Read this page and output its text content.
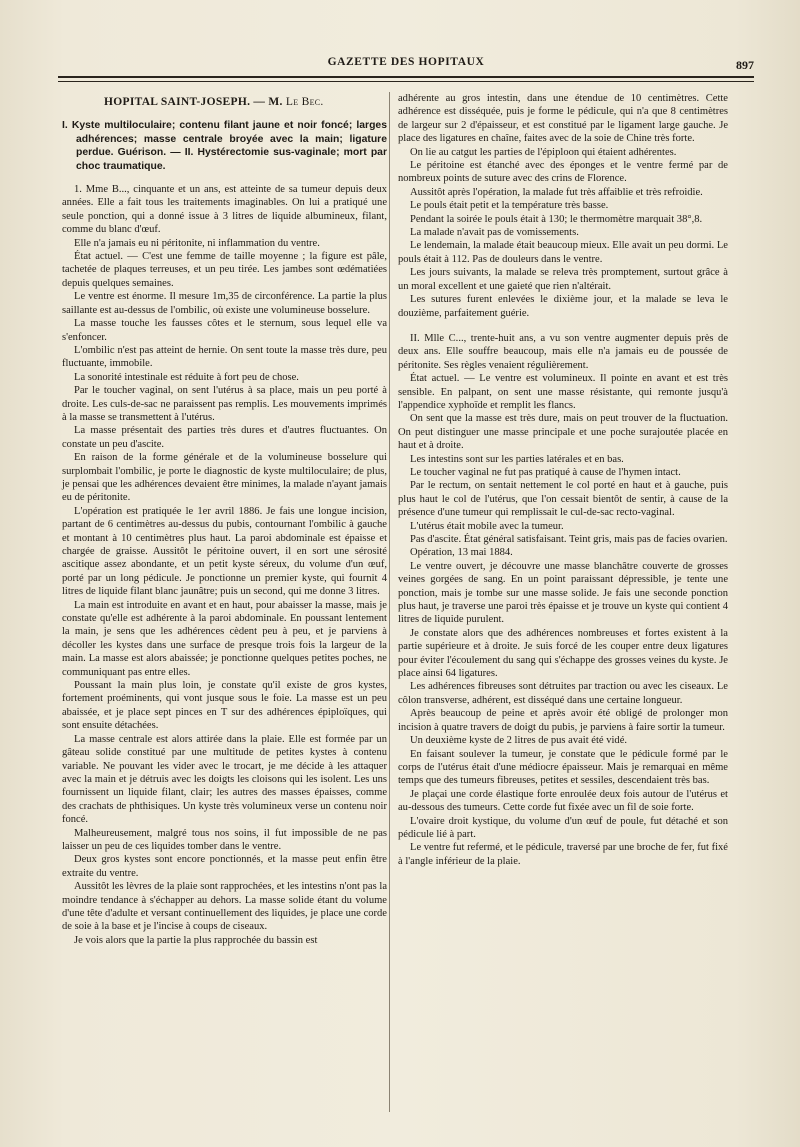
GAZETTE DES HOPITAUX	897
HOPITAL SAINT-JOSEPH. — M. Le Bec.
I. Kyste multiloculaire; contenu filant jaune et noir foncé; larges adhérences; masse centrale broyée avec la main; ligature perdue. Guérison. — II. Hystérectomie sus-vaginale; mort par choc traumatique.

1. Mme B..., cinquante et un ans, est atteinte de sa tumeur depuis deux années. Elle a fait tous les traitements imaginables. On lui a pratiqué une seule ponction, qui a donné issue à 3 litres de liquide albumineux, filant, comme du blanc d'œuf.

Elle n'a jamais eu ni péritonite, ni inflammation du ventre.

État actuel. — C'est une femme de taille moyenne ; la figure est pâle, tachetée de plaques terreuses, et un peu tirée. Les jambes sont œdématiées depuis quelques semaines.

Le ventre est énorme. Il mesure 1m,35 de circonférence. La partie la plus saillante est au-dessus de l'ombilic, où existe une volumineuse bosselure.

La masse touche les fausses côtes et le sternum, sous lequel elle va s'enfoncer.

L'ombilic n'est pas atteint de hernie. On sent toute la masse très dure, peu fluctuante, immobile.

La sonorité intestinale est réduite à fort peu de chose.

Par le toucher vaginal, on sent l'utérus à sa place, mais un peu porté à droite. Les culs-de-sac ne paraissent pas remplis. Les mouvements imprimés à la masse se transmettent à l'utérus.

La masse présentait des parties très dures et d'autres fluctuantes. On constate un peu d'ascite.

En raison de la forme générale et de la volumineuse bosselure qui surplombait l'ombilic, je porte le diagnostic de kyste multiloculaire; de plus, je pensai que les adhérences devaient être minimes, la malade n'ayant jamais eu de péritonite.

L'opération est pratiquée le 1er avril 1886. Je fais une longue incision, partant de 6 centimètres au-dessus du pubis, contournant l'ombilic à gauche et montant à 10 centimètres plus haut. La paroi abdominale est épaisse et chargée de graisse. Aussitôt le péritoine ouvert, il en sort une sérosité ascitique assez abondante, et un petit kyste séreux, du volume d'un œuf, porté par un long pédicule. Je ponctionne un premier kyste, qui fournit 4 litres de liquide filant blanc jaunâtre; puis un second, qui me donne 3 litres.

La main est introduite en avant et en haut, pour abaisser la masse, mais je constate qu'elle est adhérente à la paroi abdominale. En poussant lentement la main, je sens que les adhérences cèdent peu à peu, et je parviens à décoller les kystes dans une surface de presque trois fois la largeur de la main. La masse est alors abaissée; je ponctionne quelques petites poches, ne communiquant pas entre elles.

Poussant la main plus loin, je constate qu'il existe de gros kystes, fortement proéminents, qui vont jusque sous le foie. La masse est un peu abaissée, et je place sept pinces en T sur des adhérences épiploïques, qui sont ensuite détachées.

La masse centrale est alors attirée dans la plaie. Elle est formée par un gâteau solide constitué par une multitude de petites kystes à contenu variable. Ne pouvant les vider avec le trocart, je me décide à les attaquer avec la main et je détruis avec les doigts les cloisons qui les isolent. Les uns fournissent un liquide filant, clair; les autres des masses épaisses, comme des crachats de phthisiques. Un kyste très volumineux verse un contenu noir foncé.

Malheureusement, malgré tous nos soins, il fut impossible de ne pas laisser un peu de ces liquides tomber dans le ventre.

Deux gros kystes sont encore ponctionnés, et la masse peut enfin être extraite du ventre.

Aussitôt les lèvres de la plaie sont rapprochées, et les intestins n'ont pas la moindre tendance à s'échapper au dehors. La masse solide étant du volume d'une tête d'adulte et versant continuellement des liquides, je place une corde de soie à la base et je l'incise à coups de ciseaux.

Je vois alors que la partie la plus rapprochée du bassin est

adhérente au gros intestin, dans une étendue de 10 centimètres. Cette adhérence est disséquée, puis je forme le pédicule, qui n'a que 8 centimètres de largeur sur 2 d'épaisseur, et est constitué par le ligament large gauche. Je place des ligatures en chaîne, faites avec de la soie de Chine très forte.

On lie au catgut les parties de l'épiploon qui étaient adhérentes.

Le péritoine est étanché avec des éponges et le ventre fermé par de nombreux points de suture avec des crins de Florence.

Aussitôt après l'opération, la malade fut très affaiblie et très refroidie.

Le pouls était petit et la température très basse.

Pendant la soirée le pouls était à 130; le thermomètre marquait 38°,8.

La malade n'avait pas de vomissements.

Le lendemain, la malade était beaucoup mieux. Elle avait un peu dormi. Le pouls était à 112. Pas de douleurs dans le ventre.

Les jours suivants, la malade se releva très promptement, surtout grâce à un moral excellent et une gaieté que rien n'altérait.

Les sutures furent enlevées le dixième jour, et la malade se leva le douzième, parfaitement guérie.

II. Mlle C..., trente-huit ans, a vu son ventre augmenter depuis près de deux ans. Elle souffre beaucoup, mais elle n'a jamais eu de poussée de péritonite. Ses règles venaient régulièrement.

État actuel. — Le ventre est volumineux. Il pointe en avant et est très sensible. En palpant, on sent une masse résistante, qui remonte jusqu'à l'appendice xyphoïde et remplit les flancs.

On sent que la masse est très dure, mais on peut trouver de la fluctuation. On peut distinguer une masse principale et une poche surajoutée placée en haut et à droite.

Les intestins sont sur les parties latérales et en bas.

Le toucher vaginal ne fut pas pratiqué à cause de l'hymen intact.

Par le rectum, on sentait nettement le col porté en haut et à gauche, puis plus haut le col de l'utérus, que l'on cessait bientôt de sentir, à cause de la présence d'une tumeur qui remplissait le cul-de-sac recto-vaginal.

L'utérus était mobile avec la tumeur.

Pas d'ascite. État général satisfaisant. Teint gris, mais pas de facies ovarien.

Opération, 13 mai 1884.

Le ventre ouvert, je découvre une masse blanchâtre couverte de grosses veines gorgées de sang. En un point paraissant dépressible, je tente une ponction, mais je tombe sur une masse solide. Je fais une seconde ponction plus haut, je traverse une paroi très épaisse et je trouve un kyste qui contient 4 litres de liquide purulent.

Je constate alors que des adhérences nombreuses et fortes existent à la partie supérieure et à droite. Je suis forcé de les couper entre deux ligatures pour éviter l'écoulement du sang qui s'échappe des grosses veines du kyste. Je place ainsi 64 ligatures.

Les adhérences fibreuses sont détruites par traction ou avec les ciseaux. Le côlon transverse, adhérent, est disséqué dans une certaine longueur.

Après beaucoup de peine et après avoir été obligé de prolonger mon incision à quatre travers de doigt du pubis, je parviens à faire sortir la tumeur.

Un deuxième kyste de 2 litres de pus avait été vidé.

En faisant soulever la tumeur, je constate que le pédicule formé par le corps de l'utérus était d'une médiocre épaisseur. Mais je remarquai en même temps que des tumeurs fibreuses, petites et sessiles, descendaient très bas.

Je plaçai une corde élastique forte enroulée deux fois autour de l'utérus et au-dessous des tumeurs. Cette corde fut fixée avec un fil de soie forte.

L'ovaire droit kystique, du volume d'un œuf de poule, fut détaché et son pédicule lié à part.

Le ventre fut refermé, et le pédicule, traversé par une broche de fer, fut fixé à l'angle inférieur de la plaie.
